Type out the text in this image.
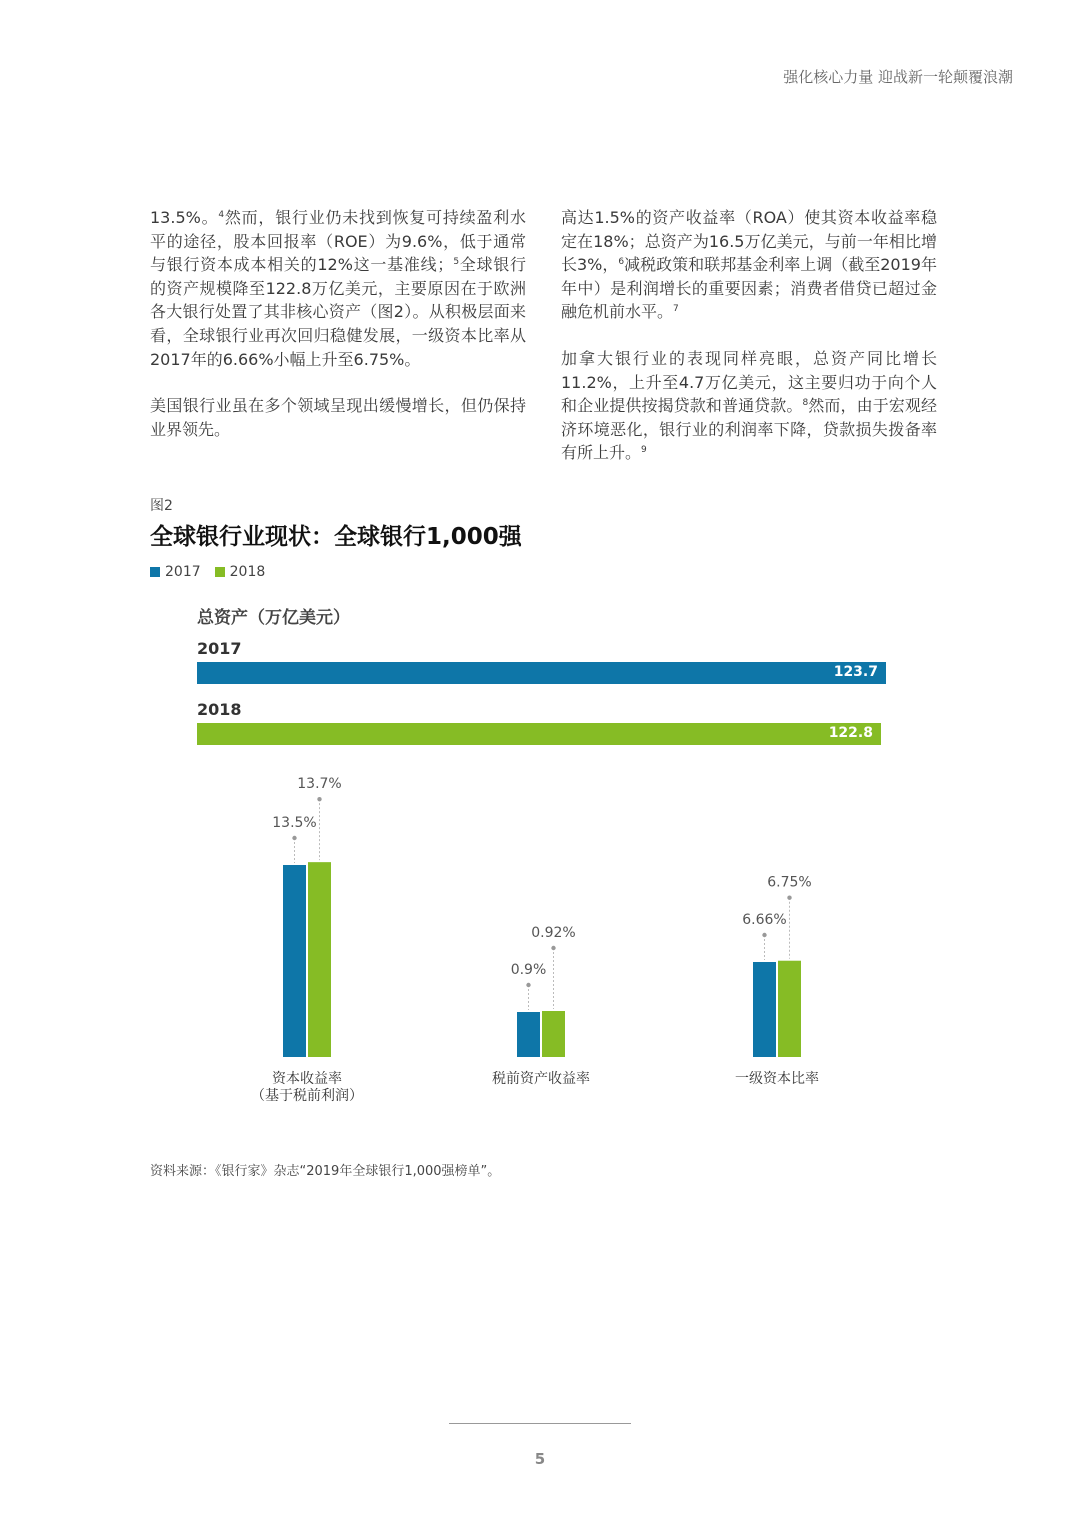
强化核心力量 迎战新一轮颠覆浪潮

13.5%。$^4$然而，银行业仍未找到恢复可持续盈利水平的途径，股本回报率（ROE）为9.6%，低于通常与银行资本成本相关的12%这一基准线；$^5$全球银行的资产规模降至122.8万亿美元，主要原因在于欧洲各大银行处置了其非核心资产（图2）。从积极层面来看，全球银行业再次回归稳健发展，一级资本比率从2017年的6.66%小幅上升至6.75%。

美国银行业虽在多个领域呈现出缓慢增长，但仍保持业界领先。

高达1.5%的资产收益率（ROA）使其资本收益率稳定在18%；总资产为16.5万亿美元，与前一年相比增长3%，$^6$减税政策和联邦基金利率上调（截至2019年年中）是利润增长的重要因素；消费者借贷已超过金融危机前水平。$^7$

加拿大银行业的表现同样亮眼，总资产同比增长11.2%，上升至4.7万亿美元，这主要归功于向个人和企业提供按揭贷款和普通贷款。$^8$然而，由于宏观经济环境恶化，银行业的利润率下降，贷款损失拨备率有所上升。$^9$

图2
全球银行业现状：全球银行1,000强
2017 2018
总资产（万亿美元）
2017
123.7
2018
122.8
13.5%
13.7%
资本收益率
（基于税前利润）
0.9%
0.92%
税前资产收益率
6.66%
6.75%
一级资本比率
资料来源：《银行家》杂志“2019年全球银行1,000强榜单”。
5
